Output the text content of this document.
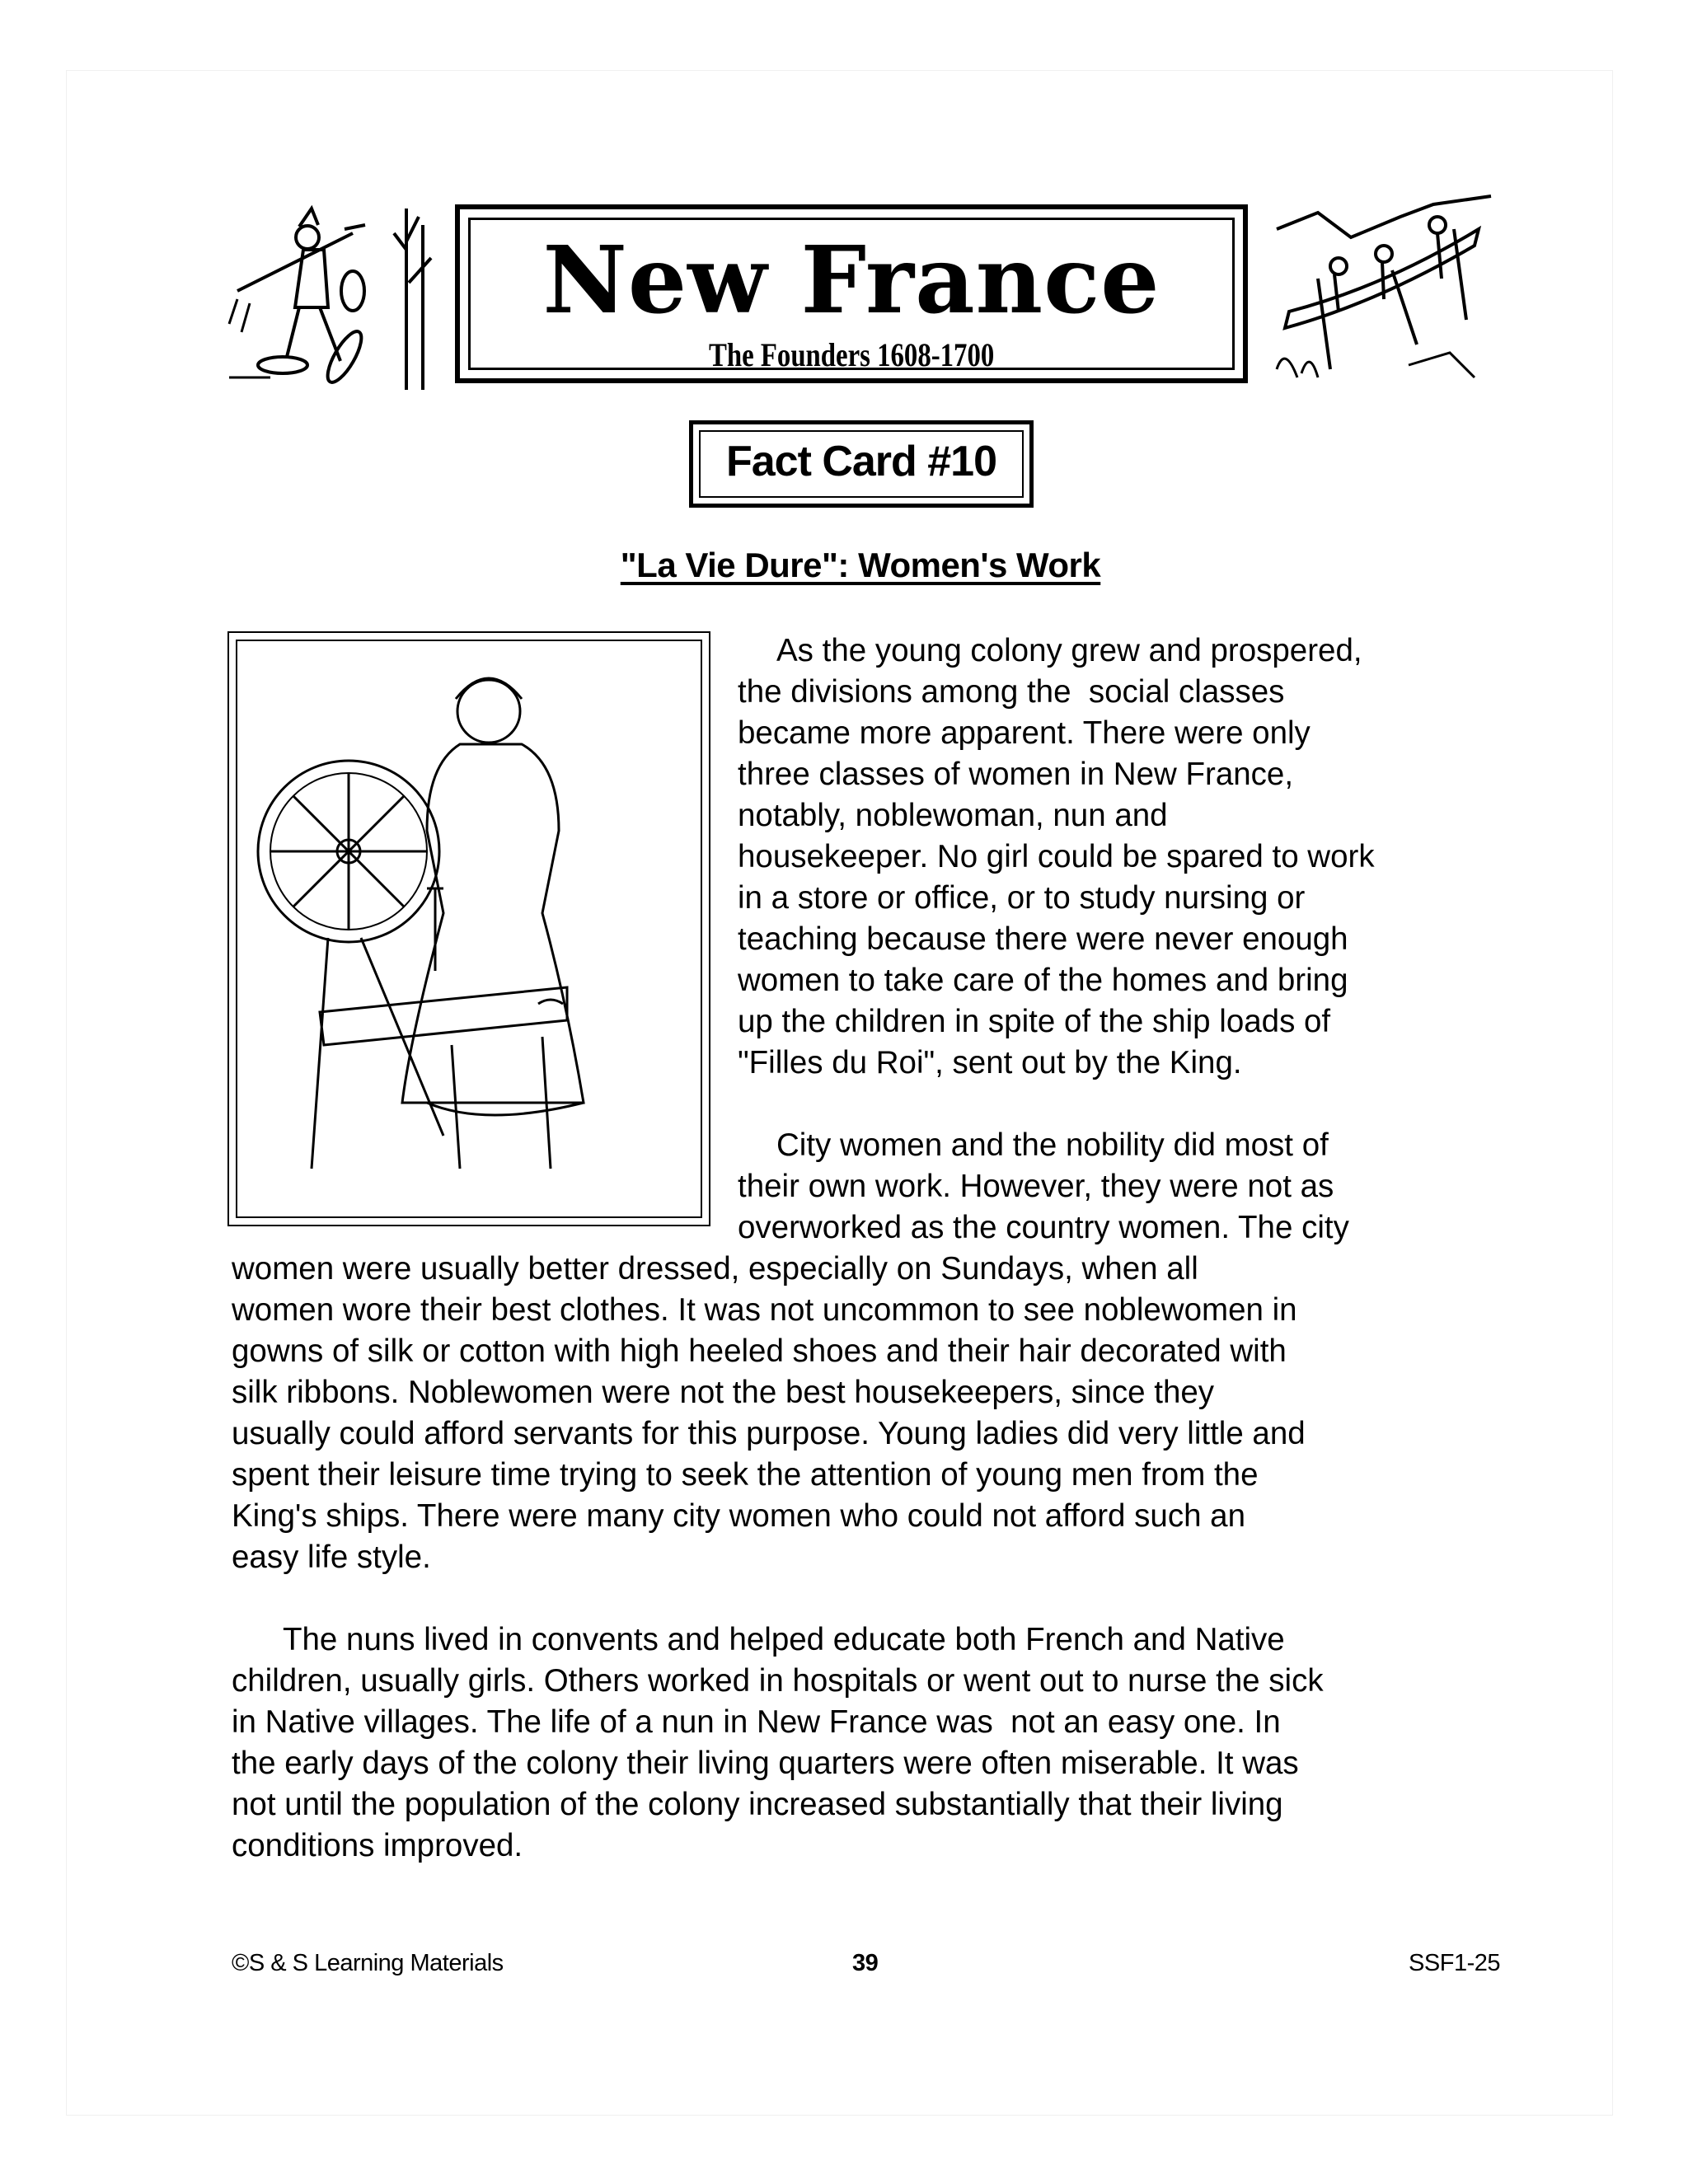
New France
The Founders 1608-1700
Fact Card #10
"La Vie Dure": Women's Work
As the young colony grew and prospered,
the divisions among the  social classes
became more apparent. There were only
three classes of women in New France,
notably, noblewoman, nun and
housekeeper. No girl could be spared to work
in a store or office, or to study nursing or
teaching because there were never enough
women to take care of the homes and bring
up the children in spite of the ship loads of
"Filles du Roi", sent out by the King.
City women and the nobility did most of
their own work. However, they were not as
overworked as the country women. The city
women were usually better dressed, especially on Sundays, when all
women wore their best clothes. It was not uncommon to see noblewomen in
gowns of silk or cotton with high heeled shoes and their hair decorated with
silk ribbons. Noblewomen were not the best housekeepers, since they
usually could afford servants for this purpose. Young ladies did very little and
spent their leisure time trying to seek the attention of young men from the
King's ships. There were many city women who could not afford such an
easy life style.
The nuns lived in convents and helped educate both French and Native
children, usually girls. Others worked in hospitals or went out to nurse the sick
in Native villages. The life of a nun in New France was  not an easy one. In
the early days of the colony their living quarters were often miserable. It was
not until the population of the colony increased substantially that their living
conditions improved.
©S & S Learning Materials	39	SSF1-25
